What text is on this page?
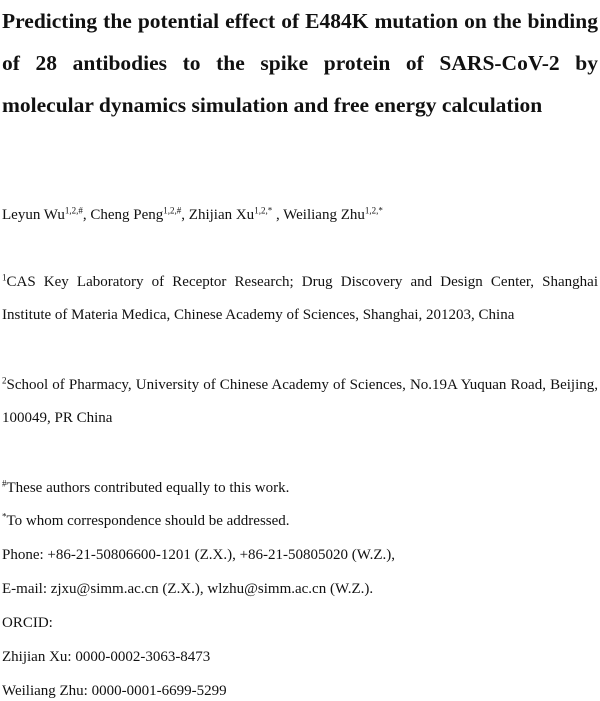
Predicting the potential effect of E484K mutation on the binding of 28 antibodies to the spike protein of SARS-CoV-2 by molecular dynamics simulation and free energy calculation
Leyun $Wu^{1,2,\#}$, Cheng Peng$^{1,2,\#}$, Zhijian $Xu^{1,2,*}$ , Weiliang Zhu$^{1,2,*}$

$^1$CAS Key Laboratory of Receptor Research; Drug Discovery and Design Center, Shanghai Institute of Materia Medica, Chinese Academy of Sciences, Shanghai, 201203, China

$^2$School of Pharmacy, University of Chinese Academy of Sciences, No.19A Yuquan Road, Beijing, 100049, PR China

#These authors contributed equally to this work.
*To whom correspondence should be addressed.
Phone: +86-21-50806600-1201 (Z.X.), +86-21-50805020 (W.Z.),
E-mail: zjxu@simm.ac.cn (Z.X.), wlzhu@simm.ac.cn (W.Z.).
ORCID:
Zhijian Xu: 0000-0002-3063-8473
Weiliang Zhu: 0000-0001-6699-5299
